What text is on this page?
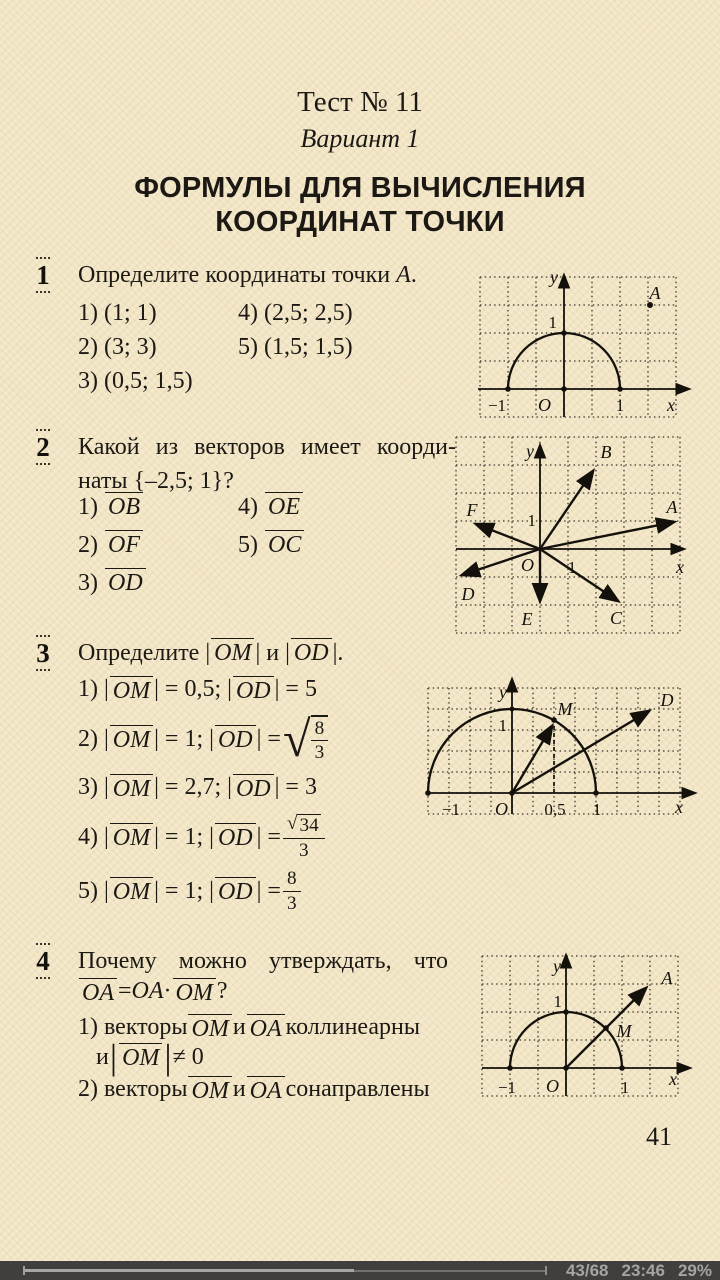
Тест № 11
Вариант 1
ФОРМУЛЫ ДЛЯ ВЫЧИСЛЕНИЯ
КООРДИНАТ ТОЧКИ
1 Определите координаты точки A.

1) (1; 1)	4) (2,5; 2,5)
2) (3; 3)	5) (1,5; 1,5)
3) (0,5; 1,5)
y
x
O
−1	1
1
A
2 Какой из векторов имеет коорди-
наты {–2,5; 1}?

1) OB	4) OE
2) OF	5) OC
3) OD
y
x
O
1
1
A
B
C
D
E
F
3 Определите | OM | и | OD |.

1) | OM | = 0,5; | OD | = 5
2) | OM | = 1; | OD | = √ $\frac{8}{3}$
3) | OM | = 2,7; | OD | = 3
4) | OM | = 1; | OD | = $\frac{√ 34}{3}$
5) | OM | = 1; | OD | = $\frac{8}{3}$
y
x
O
−1	0,5 1
1
M	D
4 Почему можно утверждать, что

OA = OA · OM ?
1) векторы OM и OA коллинеарны
и | OM | ≠ 0
2) векторы OM и OA сонаправлены
y
x
O
−1	1
1
M
A
41
43/68 23:46 29%
